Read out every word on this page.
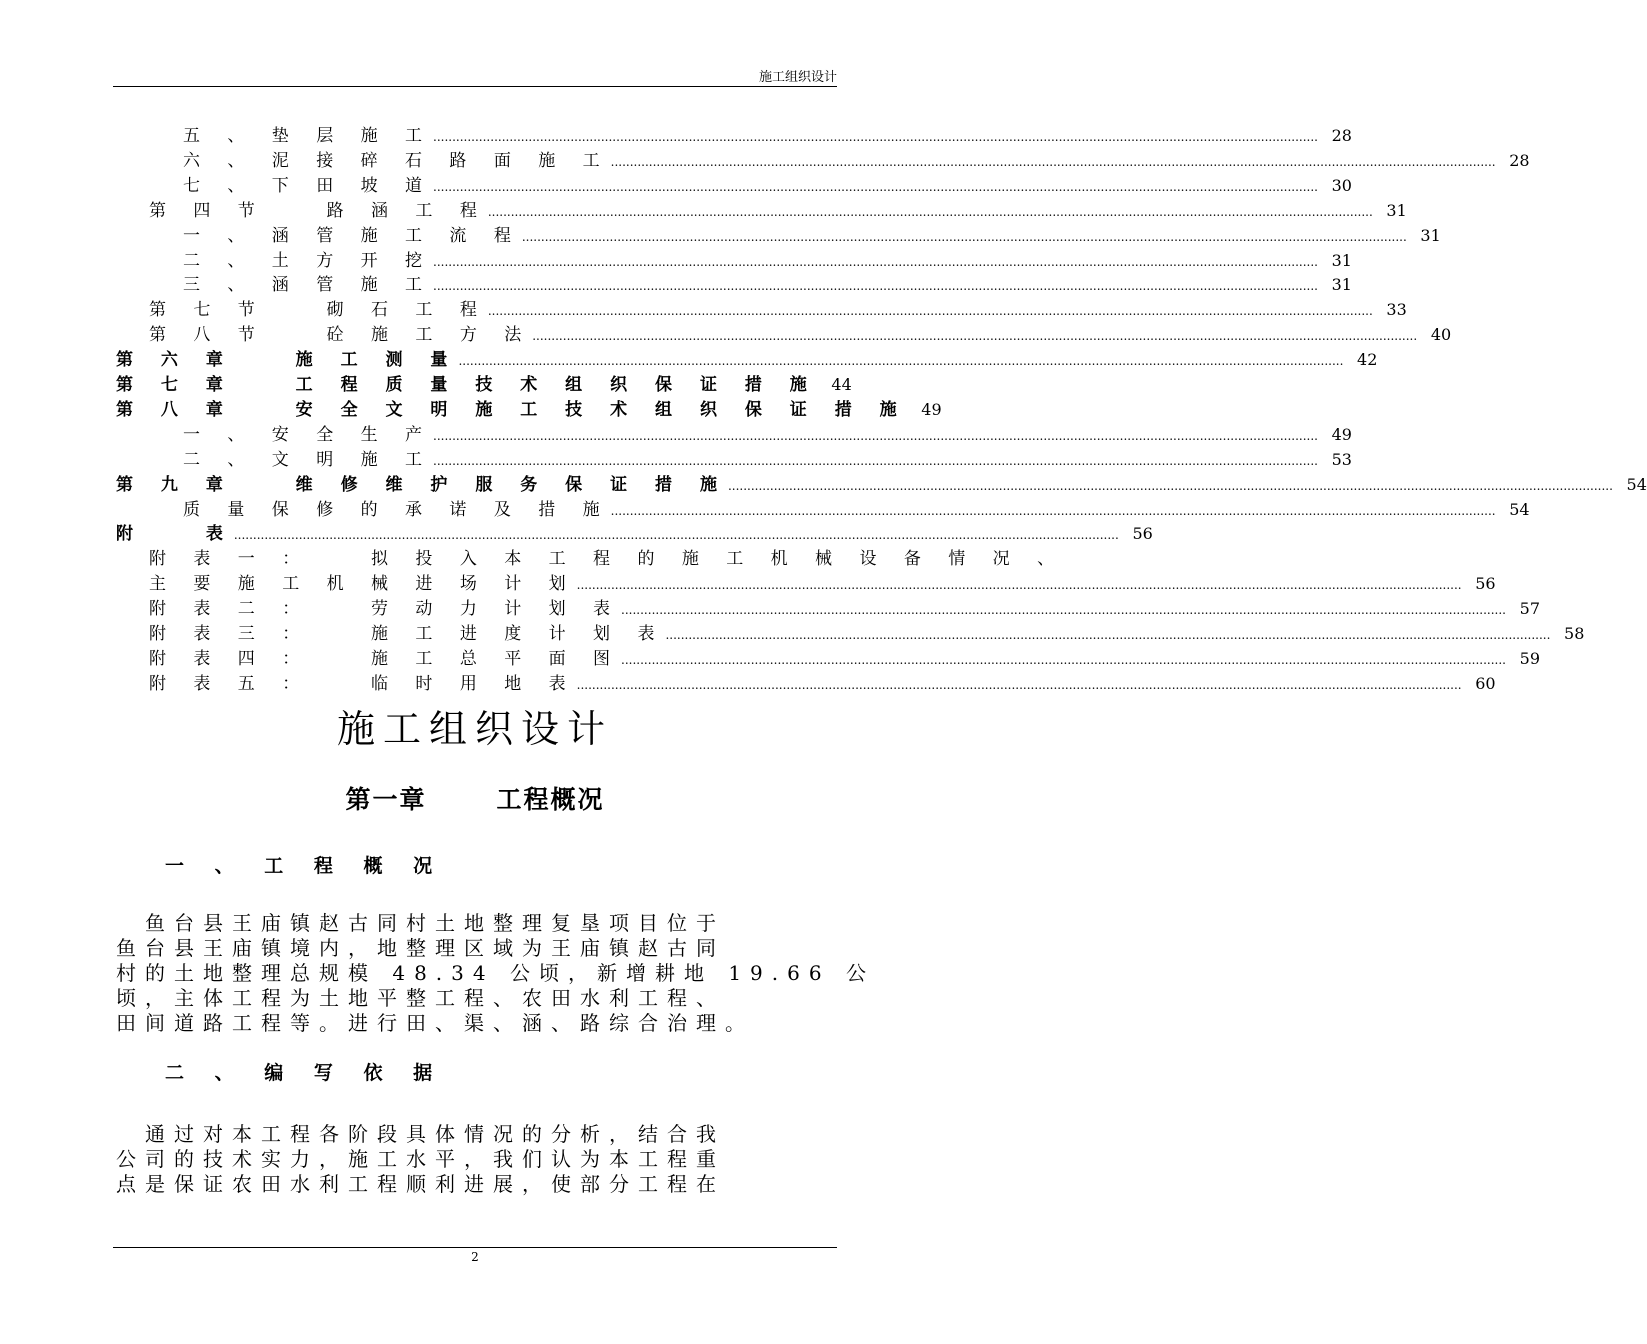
施工组织设计
五 、 垫 层 施 工 .....	28
六 、 泥 接 碎 石 路 面 施 工 .....	28
七 、 下 田 坡 道 .....	30
第 四 节 　 路 涵 工 程 .....	31
一 、 涵 管 施 工 流 程 .....	31
二 、 土 方 开 挖 .....	31
三 、 涵 管 施 工 .....	31
第 七 节 　 砌 石 工 程 .....	33
第 八 节 　 砼 施 工 方 法 .....	40
第 六 章 　 施 工 测 量 .....	42
第 七 章 　 工 程 质 量 技 术 组 织 保 证 措 施 44
第 八 章 　 安 全 文 明 施 工 技 术 组 织 保 证 措 施 49
一 、 安 全 生 产 .....	49
二 、 文 明 施 工 .....	53
第 九 章 　 维 修 维 护 服 务 保 证 措 施 .....	54
质 量 保 修 的 承 诺 及 措 施 .....	54
附 　 表 .....	56
附 表 一 ： 　 拟 投 入 本 工 程 的 施 工 机 械 设 备 情 况 、
主 要 施 工 机 械 进 场 计 划 .....	56
附 表 二 ： 　 劳 动 力 计 划 表 .....	57
附 表 三 ： 　 施 工 进 度 计 划 表 .....	58
附 表 四 ： 　 施 工 总 平 面 图 .....	59
附 表 五 ： 　 临 时 用 地 表 .....	60
施工组织设计
第一章	工程概况
一 、 工 程 概 况
　鱼台县王庙镇赵古同村土地整理复垦项目位于
鱼台县王庙镇境内，地整理区域为王庙镇赵古同
村的土地整理总规模 48.34 公顷，新增耕地 19.66 公
顷，主体工程为土地平整工程、农田水利工程、
田间道路工程等。进行田、渠、涵、路综合治理。
二 、 编 写 依 据
　通过对本工程各阶段具体情况的分析，结合我
公司的技术实力，施工水平，我们认为本工程重
点是保证农田水利工程顺利进展，使部分工程在
2
